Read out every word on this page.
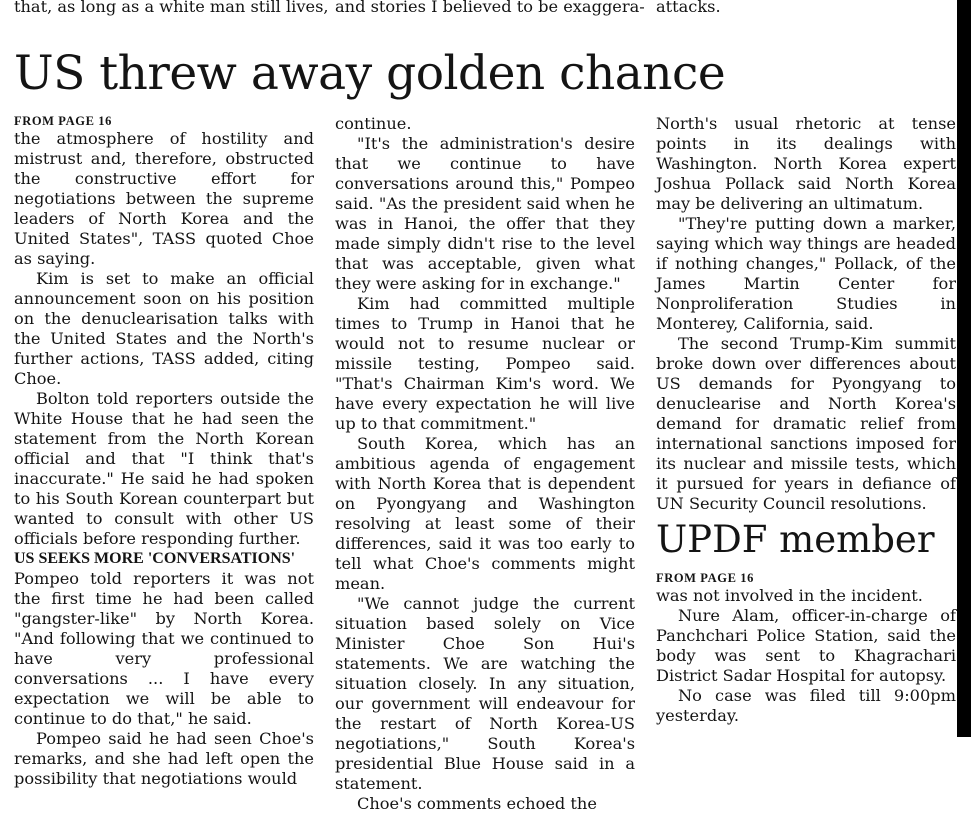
that, as long as a white man still lives, and stories I believed to be exaggera- attacks.
US threw away golden chance
FROM PAGE 16

the atmosphere of hostility and mistrust and, therefore, obstructed the constructive effort for negotiations between the supreme leaders of North Korea and the United States", TASS quoted Choe as saying.

Kim is set to make an official announcement soon on his position on the denuclearisation talks with the United States and the North's further actions, TASS added, citing Choe.

Bolton told reporters outside the White House that he had seen the statement from the North Korean official and that "I think that's inaccurate." He said he had spoken to his South Korean counterpart but wanted to consult with other US officials before responding further.

US SEEKS MORE 'CONVERSATIONS'

Pompeo told reporters it was not the first time he had been called "gangster-like" by North Korea. "And following that we continued to have very professional conversations ... I have every expectation we will be able to continue to do that," he said.

Pompeo said he had seen Choe's remarks, and she had left open the possibility that negotiations would

continue.

"It's the administration's desire that we continue to have conversations around this," Pompeo said. "As the president said when he was in Hanoi, the offer that they made simply didn't rise to the level that was acceptable, given what they were asking for in exchange."

Kim had committed multiple times to Trump in Hanoi that he would not to resume nuclear or missile testing, Pompeo said. "That's Chairman Kim's word. We have every expectation he will live up to that commitment."

South Korea, which has an ambitious agenda of engagement with North Korea that is dependent on Pyongyang and Washington resolving at least some of their differences, said it was too early to tell what Choe's comments might mean.

"We cannot judge the current situation based solely on Vice Minister Choe Son Hui's statements. We are watching the situation closely. In any situation, our government will endeavour for the restart of North Korea-US negotiations," South Korea's presidential Blue House said in a statement.

Choe's comments echoed the

North's usual rhetoric at tense points in its dealings with Washington. North Korea expert Joshua Pollack said North Korea may be delivering an ultimatum.

"They're putting down a marker, saying which way things are headed if nothing changes," Pollack, of the James Martin Center for Nonproliferation Studies in Monterey, California, said.

The second Trump-Kim summit broke down over differences about US demands for Pyongyang to denuclearise and North Korea's demand for dramatic relief from international sanctions imposed for its nuclear and missile tests, which it pursued for years in defiance of UN Security Council resolutions.

UPDF member
FROM PAGE 16

was not involved in the incident.

Nure Alam, officer-in-charge of Panchchari Police Station, said the body was sent to Khagrachari District Sadar Hospital for autopsy.

No case was filed till 9:00pm yesterday.
